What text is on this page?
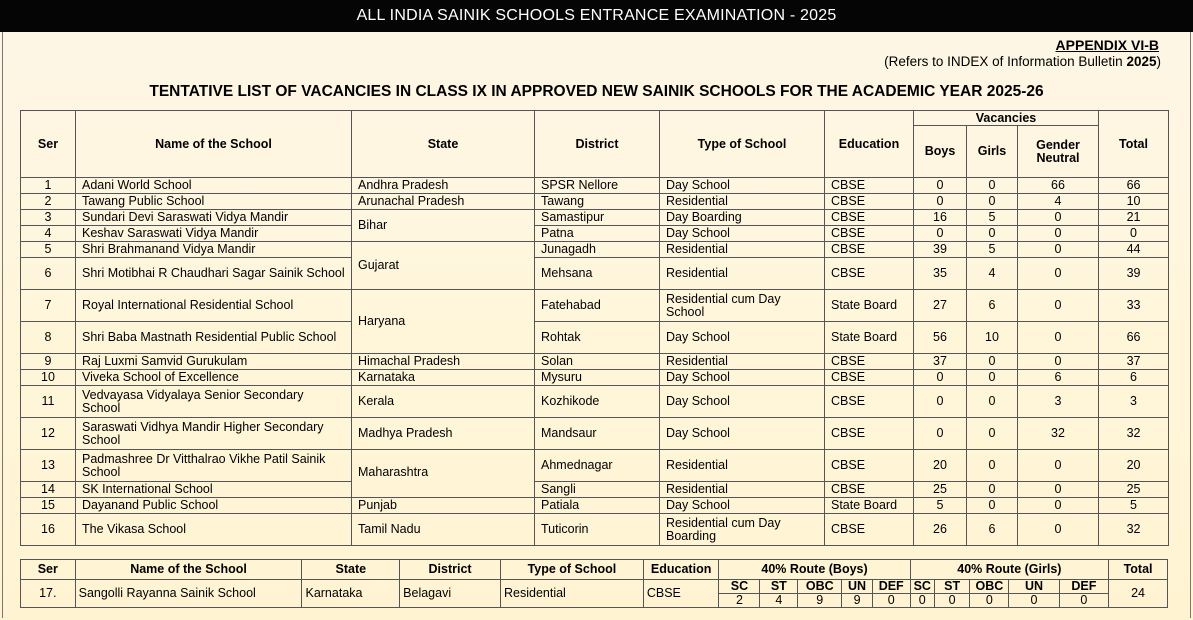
ALL INDIA SAINIK SCHOOLS ENTRANCE EXAMINATION - 2025
APPENDIX VI-B
(Refers to INDEX of Information Bulletin 2025)
TENTATIVE LIST OF VACANCIES IN CLASS IX IN APPROVED NEW SAINIK SCHOOLS FOR THE ACADEMIC YEAR 2025-26
Ser	Name of the School	State	District	Type of School	Education	Vacancies			Total
						Boys	Girls	Gender Neutral	
1	Adani World School	Andhra Pradesh	SPSR Nellore	Day School	CBSE	0	0	66	66
2	Tawang Public School	Arunachal Pradesh	Tawang	Residential	CBSE	0	0	4	10
3	Sundari Devi Saraswati Vidya Mandir	Bihar	Samastipur	Day Boarding	CBSE	16	5	0	21
4	Keshav Saraswati Vidya Mandir		Patna	Day School	CBSE	0	0	0	0
5	Shri Brahmanand Vidya Mandir	Gujarat	Junagadh	Residential	CBSE	39	5	0	44
6	Shri Motibhai R Chaudhari Sagar Sainik School		Mehsana	Residential	CBSE	35	4	0	39
7	Royal International Residential School	Haryana	Fatehabad	Residential cum Day School	State Board	27	6	0	33
8	Shri Baba Mastnath Residential Public School		Rohtak	Day School	State Board	56	10	0	66
9	Raj Luxmi Samvid Gurukulam	Himachal Pradesh	Solan	Residential	CBSE	37	0	0	37
10	Viveka School of Excellence	Karnataka	Mysuru	Day School	CBSE	0	0	6	6
11	Vedvayasa Vidyalaya Senior Secondary School	Kerala	Kozhikode	Day School	CBSE	0	0	3	3
12	Saraswati Vidhya Mandir Higher Secondary School	Madhya Pradesh	Mandsaur	Day School	CBSE	0	0	32	32
13	Padmashree Dr Vitthalrao Vikhe Patil Sainik School	Maharashtra	Ahmednagar	Residential	CBSE	20	0	0	20
14	SK International School		Sangli	Residential	CBSE	25	0	0	25
15	Dayanand Public School	Punjab	Patiala	Day School	State Board	5	0	0	5
16	The Vikasa School	Tamil Nadu	Tuticorin	Residential cum Day Boarding	CBSE	26	6	0	32
Ser	Name of the School	State	District	Type of School	Education	40% Route (Boys)					40% Route (Girls)					Total
17.	Sangolli Rayanna Sainik School	Karnataka	Belagavi	Residential	CBSE	SC	ST	OBC	UN	DEF	SC	ST	OBC	UN	DEF	24
						2	4	9	9	0	0	0	0	0	0	
